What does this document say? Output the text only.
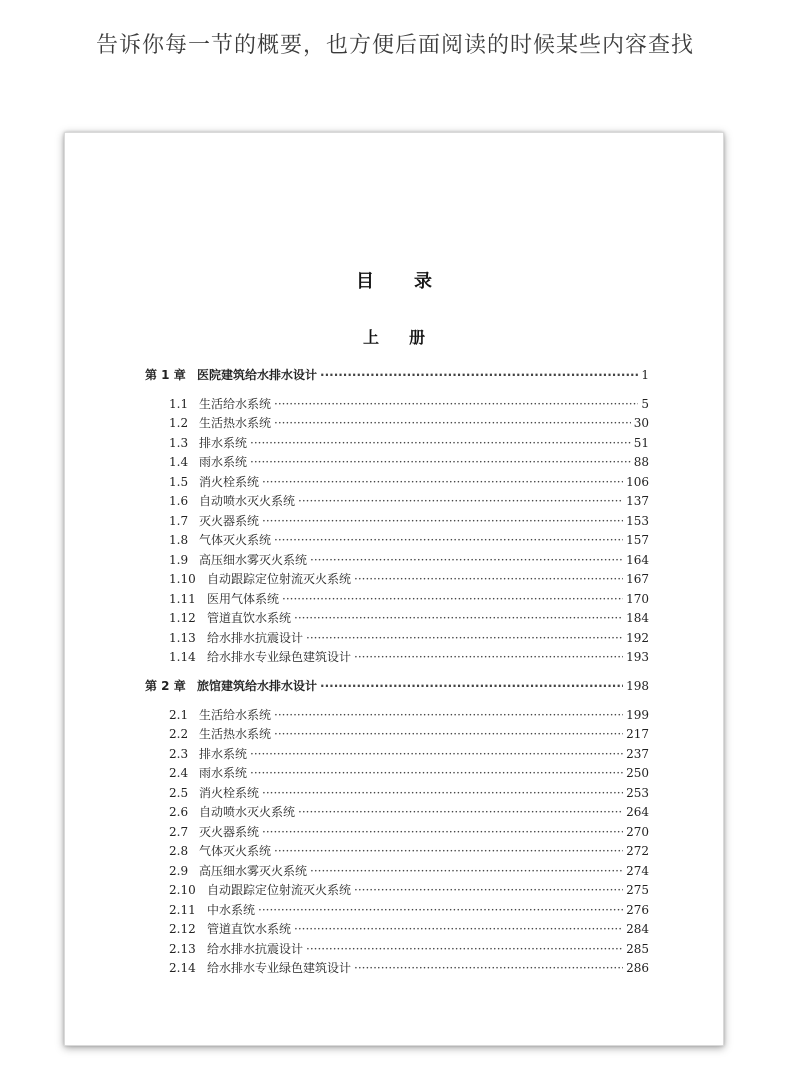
告诉你每一节的概要，也方便后面阅读的时候某些内容查找
目录
上册
第 1 章 医院建筑给水排水设计 ·····	1
1.1 生活给水系统 ·····	5
1.2 生活热水系统 ·····	30
1.3 排水系统 ·····	51
1.4 雨水系统 ·····	88
1.5 消火栓系统 ·····	106
1.6 自动喷水灭火系统 ·····	137
1.7 灭火器系统 ·····	153
1.8 气体灭火系统 ·····	157
1.9 高压细水雾灭火系统 ·····	164
1.10 自动跟踪定位射流灭火系统 ·····	167
1.11 医用气体系统 ·····	170
1.12 管道直饮水系统 ·····	184
1.13 给水排水抗震设计 ·····	192
1.14 给水排水专业绿色建筑设计 ·····	193
第 2 章 旅馆建筑给水排水设计 ·····	198
2.1 生活给水系统 ·····	199
2.2 生活热水系统 ·····	217
2.3 排水系统 ·····	237
2.4 雨水系统 ·····	250
2.5 消火栓系统 ·····	253
2.6 自动喷水灭火系统 ·····	264
2.7 灭火器系统 ·····	270
2.8 气体灭火系统 ·····	272
2.9 高压细水雾灭火系统 ·····	274
2.10 自动跟踪定位射流灭火系统 ·····	275
2.11 中水系统 ·····	276
2.12 管道直饮水系统 ·····	284
2.13 给水排水抗震设计 ·····	285
2.14 给水排水专业绿色建筑设计 ·····	286
